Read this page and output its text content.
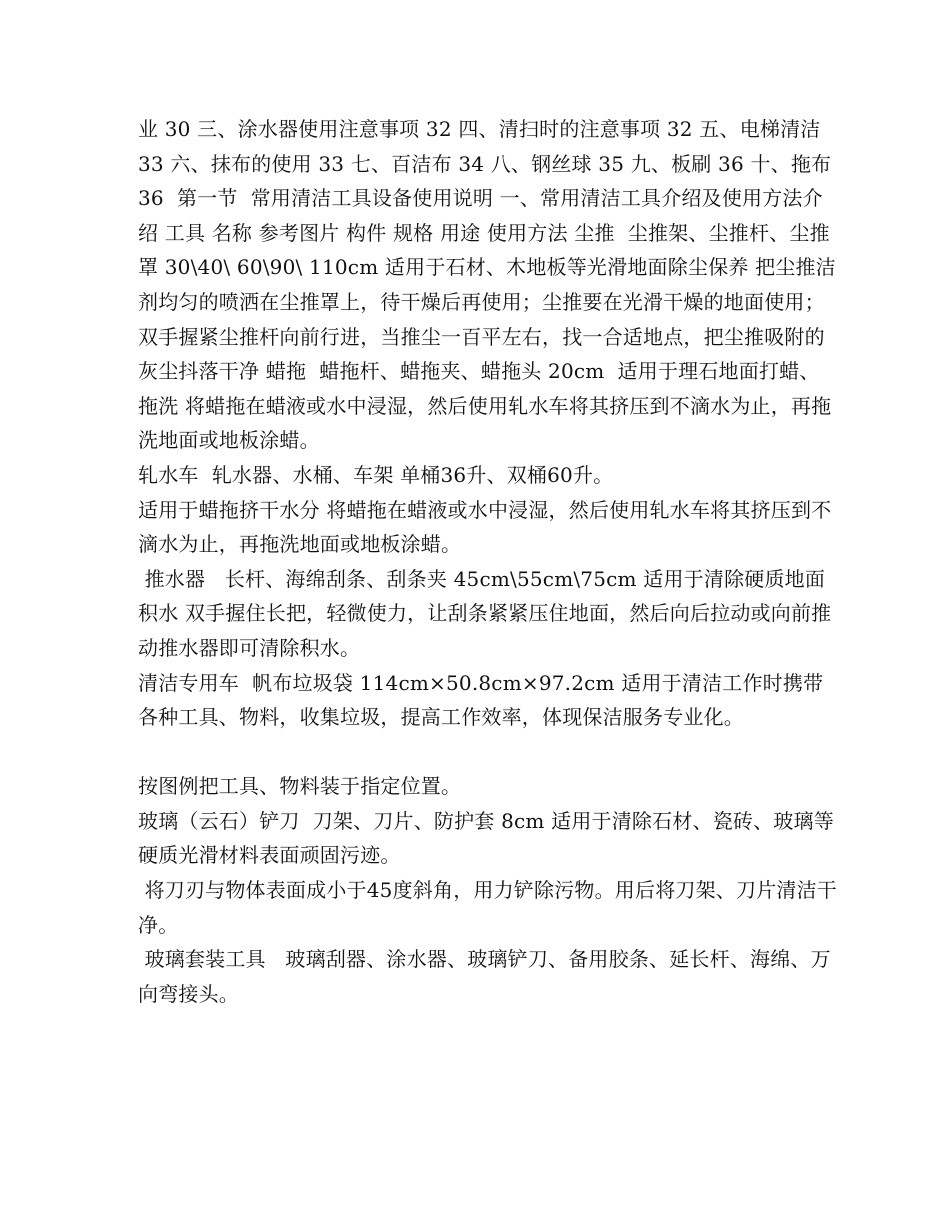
业 30 三、涂水器使用注意事项 32 四、清扫时的注意事项 32 五、电梯清洁 33 六、抹布的使用 33 七、百洁布 34 八、钢丝球 35 九、板刷 36 十、拖布 36  第一节  常用清洁工具设备使用说明 一、常用清洁工具介绍及使用方法介绍 工具 名称 参考图片 构件 规格 用途 使用方法 尘推  尘推架、尘推杆、尘推罩 30\40\ 60\90\ 110cm 适用于石材、木地板等光滑地面除尘保养 把尘推洁剂均匀的喷洒在尘推罩上，待干燥后再使用；尘推要在光滑干燥的地面使用；双手握紧尘推杆向前行进，当推尘一百平左右，找一合适地点，把尘推吸附的灰尘抖落干净 蜡拖  蜡拖杆、蜡拖夹、蜡拖头 20cm  适用于理石地面打蜡、拖洗 将蜡拖在蜡液或水中浸湿，然后使用轧水车将其挤压到不滴水为止，再拖洗地面或地板涂蜡。

轧水车  轧水器、水桶、车架 单桶36升、双桶60升。

适用于蜡拖挤干水分 将蜡拖在蜡液或水中浸湿，然后使用轧水车将其挤压到不滴水为止，再拖洗地面或地板涂蜡。

推水器   长杆、海绵刮条、刮条夹 45cm\55cm\75cm 适用于清除硬质地面积水 双手握住长把，轻微使力，让刮条紧紧压住地面，然后向后拉动或向前推动推水器即可清除积水。

清洁专用车  帆布垃圾袋 114cm×50.8cm×97.2cm 适用于清洁工作时携带各种工具、物料，收集垃圾，提高工作效率，体现保洁服务专业化。

按图例把工具、物料装于指定位置。

玻璃（云石）铲刀  刀架、刀片、防护套 8cm 适用于清除石材、瓷砖、玻璃等硬质光滑材料表面顽固污迹。

将刀刃与物体表面成小于45度斜角，用力铲除污物。用后将刀架、刀片清洁干净。

玻璃套装工具   玻璃刮器、涂水器、玻璃铲刀、备用胶条、延长杆、海绵、万向弯接头。
